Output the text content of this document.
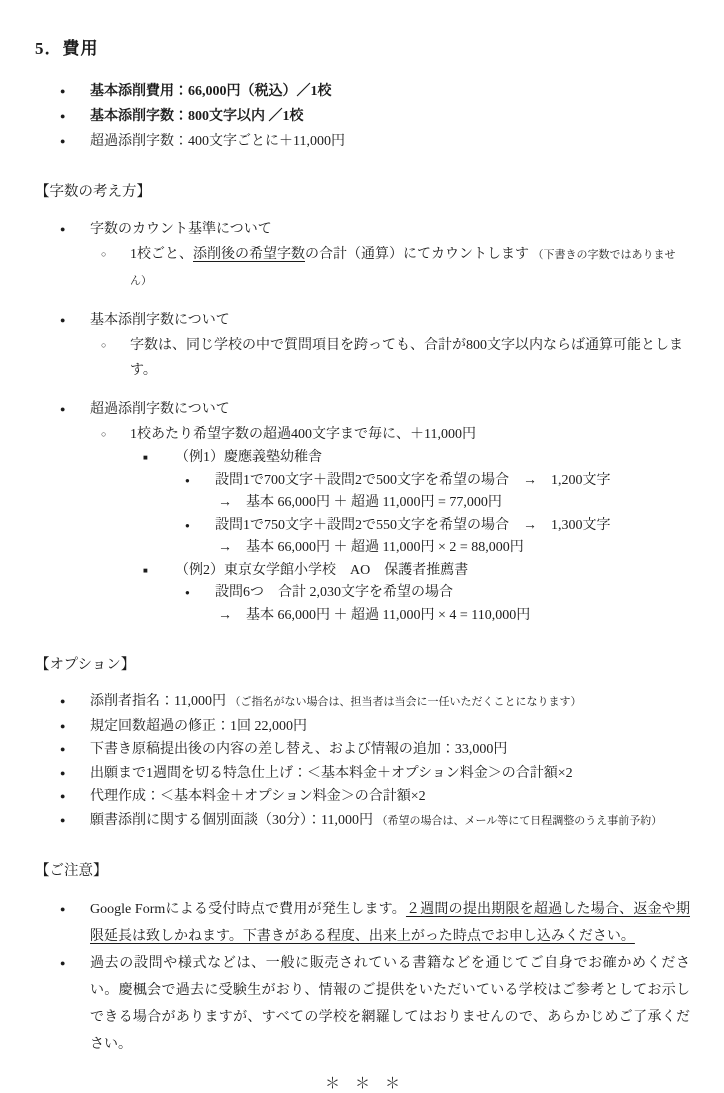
5．費用
● 基本添削費用：66,000円（税込）／1校
● 基本添削字数：800文字以内 ／1校
● 超過添削字数：400文字ごとに＋11,000円
【字数の考え方】
● 字数のカウント基準について
○ 1校ごと、添削後の希望字数の合計（通算）にてカウントします （下書きの字数ではありません）
● 基本添削字数について
○ 字数は、同じ学校の中で質問項目を跨っても、合計が800文字以内ならば通算可能とします。
● 超過添削字数について
○ 1校あたり希望字数の超過400文字まで毎に、＋11,000円
■ （例1）慶應義塾幼稚舎
● 設問1で700文字＋設問2で500文字を希望の場合　→　1,200文字
→　基本 66,000円 ＋ 超過 11,000円 = 77,000円
● 設問1で750文字＋設問2で550文字を希望の場合　→　1,300文字
→　基本 66,000円 ＋ 超過 11,000円 × 2 = 88,000円
■ （例2）東京女学館小学校　AO　保護者推薦書
● 設問6つ　合計 2,030文字を希望の場合
→　基本 66,000円 ＋ 超過 11,000円 × 4 = 110,000円
【オプション】
● 添削者指名：11,000円 （ご指名がない場合は、担当者は当会に一任いただくことになります）
● 規定回数超過の修正：1回 22,000円
● 下書き原稿提出後の内容の差し替え、および情報の追加：33,000円
● 出願まで1週間を切る特急仕上げ：＜基本料金＋オプション料金＞の合計額×2
● 代理作成：＜基本料金＋オプション料金＞の合計額×2
● 願書添削に関する個別面談（30分）：11,000円 （希望の場合は、メール等にて日程調整のうえ事前予約）
【ご注意】
● Google Formによる受付時点で費用が発生します。２週間の提出期限を超過した場合、返金や期限延長は致しかねます。下書きがある程度、出来上がった時点でお申し込みください。
● 過去の設問や様式などは、一般に販売されている書籍などを通じてご自身でお確かめください。慶楓会で過去に受験生がおり、情報のご提供をいただいている学校はご参考としてお示しできる場合がありますが、すべての学校を網羅してはおりませんので、あらかじめご了承ください。
＊　＊　＊
